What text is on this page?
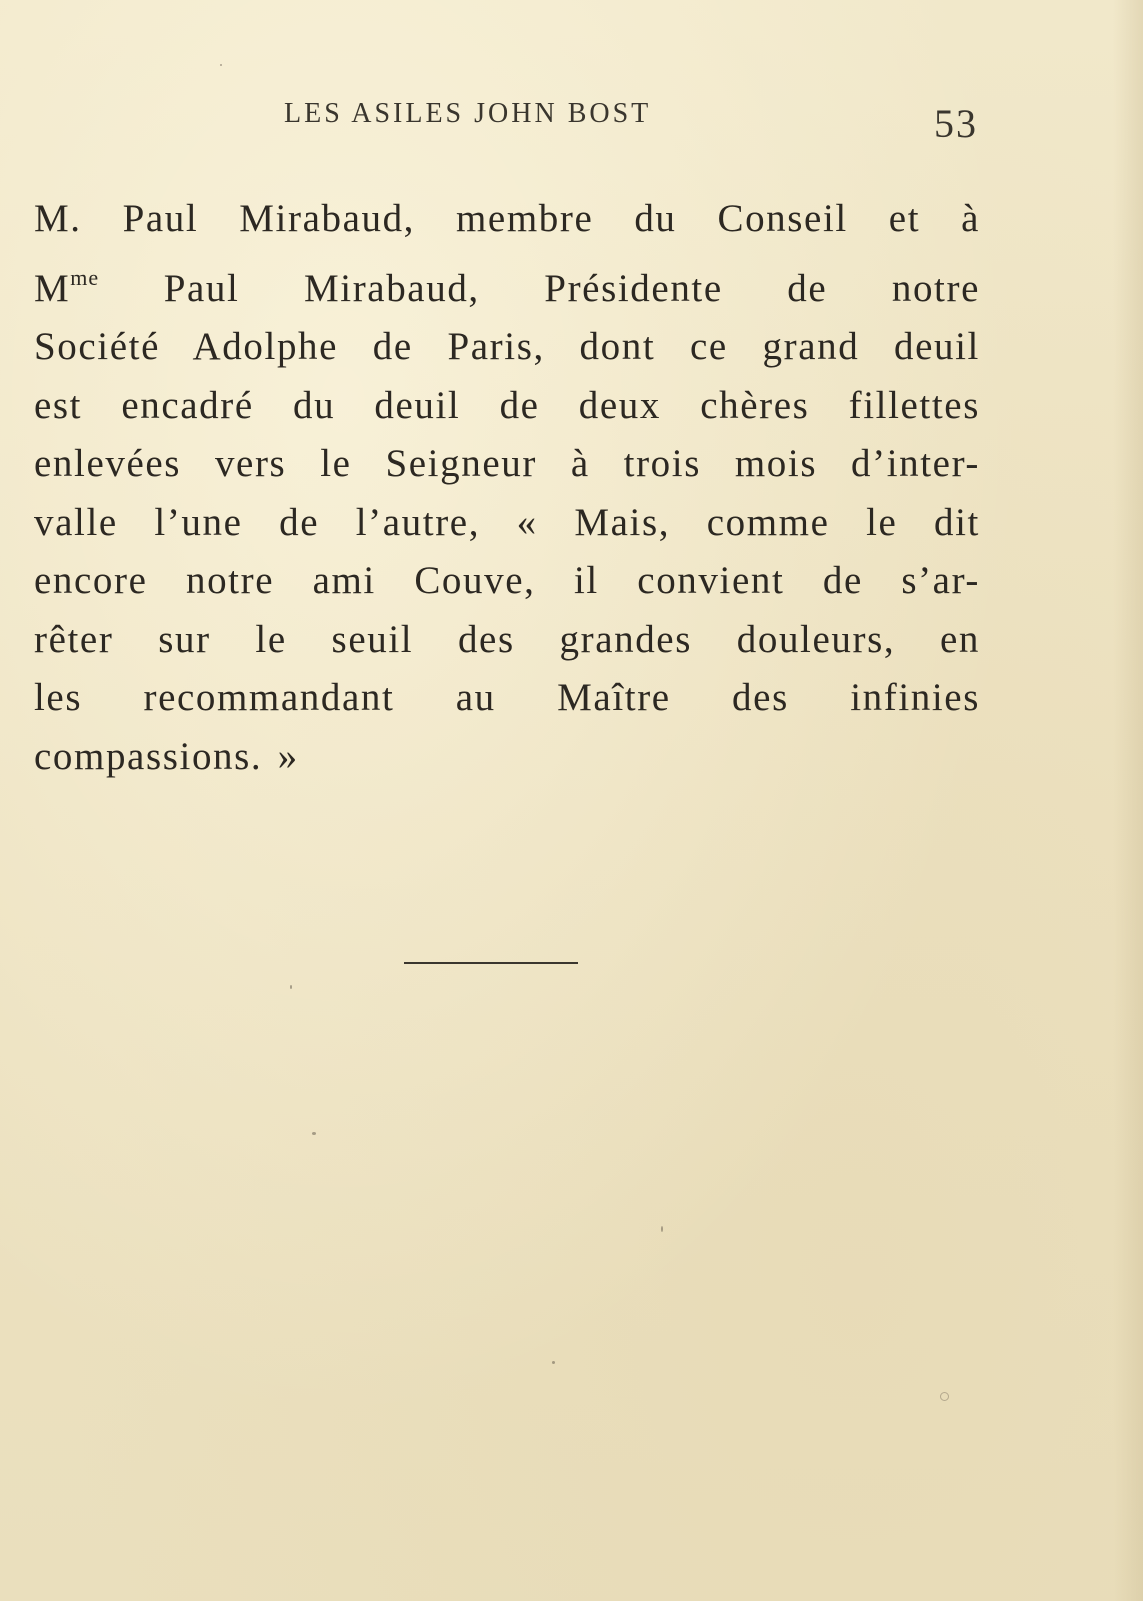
LES ASILES JOHN BOST	53
M. Paul Mirabaud, membre du Conseil et à
$M^{me}$ Paul Mirabaud, Présidente de notre
Société Adolphe de Paris, dont ce grand deuil
est encadré du deuil de deux chères fillettes
enlevées vers le Seigneur à trois mois d’inter-
valle l’une de l’autre, « Mais, comme le dit
encore notre ami Couve, il convient de s’ar-
rêter sur le seuil des grandes douleurs, en
les recommandant au Maître des infinies
compassions. »
